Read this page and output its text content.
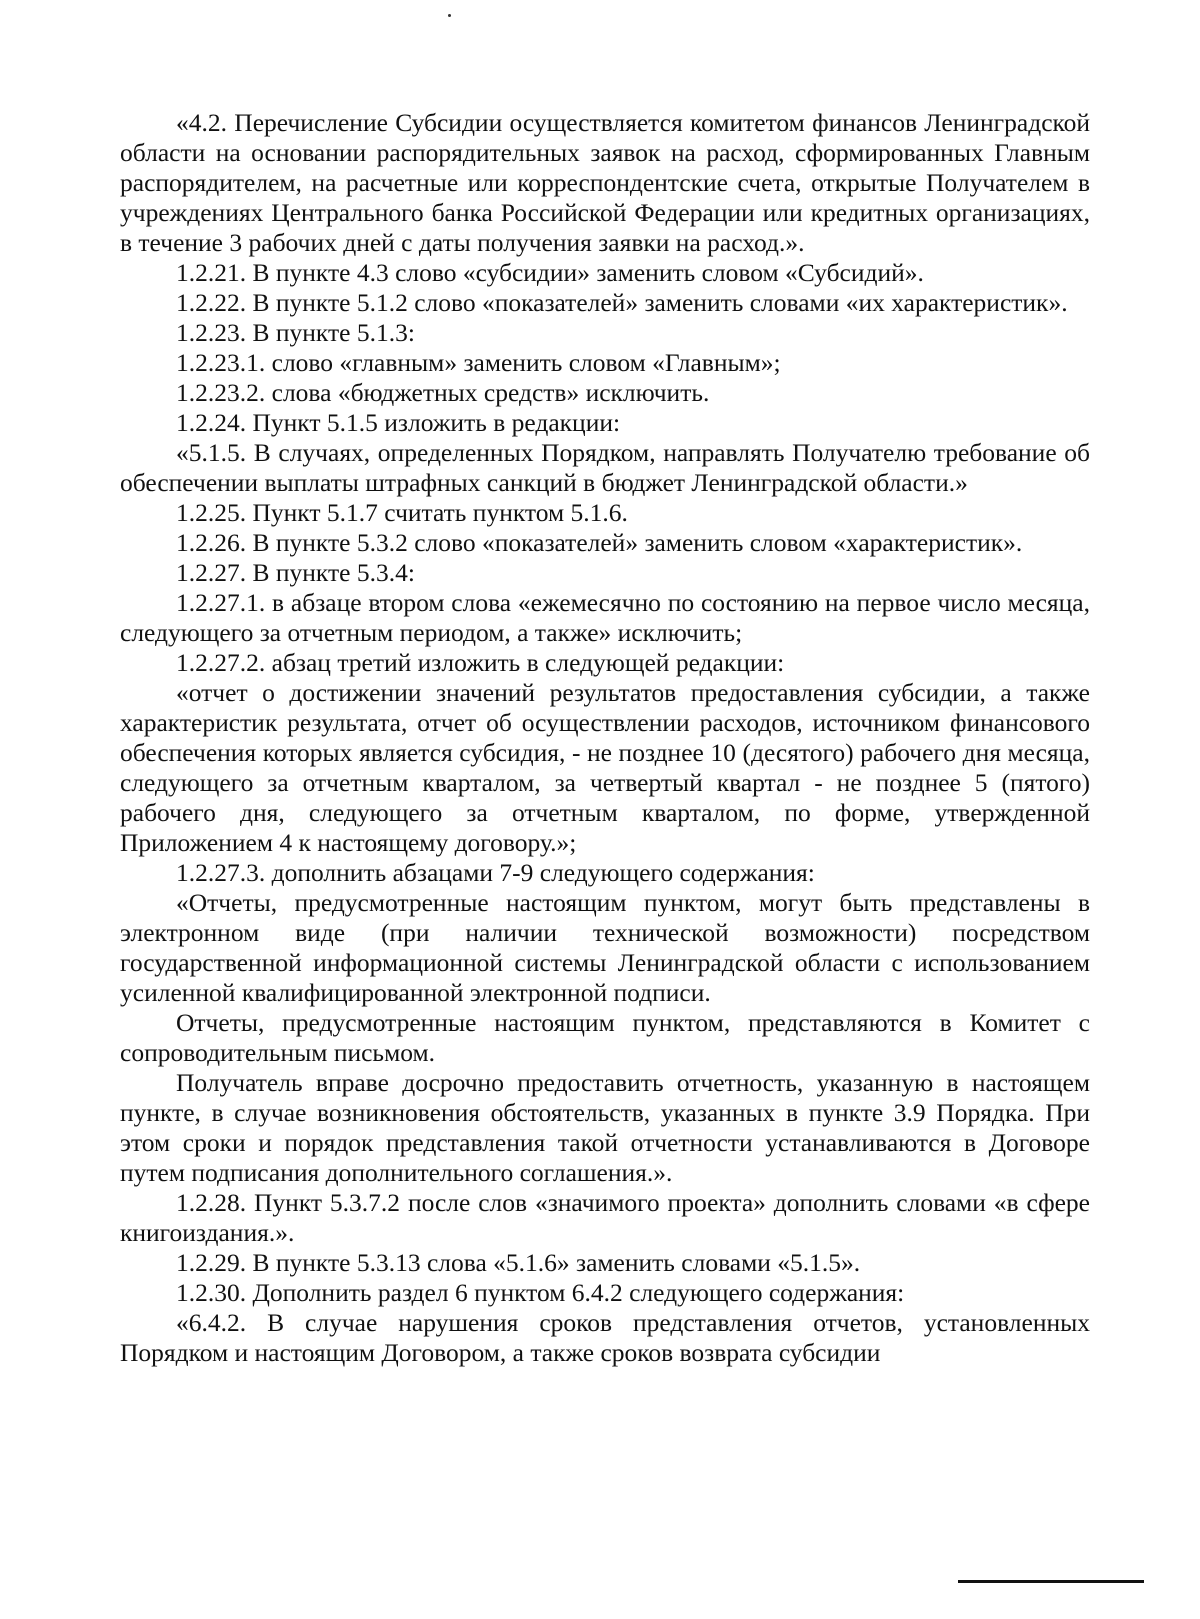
«4.2. Перечисление Субсидии осуществляется комитетом финансов Ленинградской области на основании распорядительных заявок на расход, сформированных Главным распорядителем, на расчетные или корреспондентские счета, открытые Получателем в учреждениях Центрального банка Российской Федерации или кредитных организациях, в течение 3 рабочих дней с даты получения заявки на расход.».

1.2.21. В пункте 4.3 слово «субсидии» заменить словом «Субсидий».

1.2.22. В пункте 5.1.2 слово «показателей» заменить словами «их характеристик».

1.2.23. В пункте 5.1.3:

1.2.23.1. слово «главным» заменить словом «Главным»;

1.2.23.2. слова «бюджетных средств» исключить.

1.2.24. Пункт 5.1.5 изложить в редакции:

«5.1.5. В случаях, определенных Порядком, направлять Получателю требование об обеспечении выплаты штрафных санкций в бюджет Ленинградской области.»

1.2.25. Пункт 5.1.7 считать пунктом 5.1.6.

1.2.26. В пункте 5.3.2 слово «показателей» заменить словом «характеристик».

1.2.27. В пункте 5.3.4:

1.2.27.1. в абзаце втором слова «ежемесячно по состоянию на первое число месяца, следующего за отчетным периодом, а также» исключить;

1.2.27.2. абзац третий изложить в следующей редакции:

«отчет о достижении значений результатов предоставления субсидии, а также характеристик результата, отчет об осуществлении расходов, источником финансового обеспечения которых является субсидия, - не позднее 10 (десятого) рабочего дня месяца, следующего за отчетным кварталом, за четвертый квартал - не позднее 5 (пятого) рабочего дня, следующего за отчетным кварталом, по форме, утвержденной Приложением 4 к настоящему договору.»;

1.2.27.3. дополнить абзацами 7-9 следующего содержания:

«Отчеты, предусмотренные настоящим пунктом, могут быть представлены в электронном виде (при наличии технической возможности) посредством государственной информационной системы Ленинградской области с использованием усиленной квалифицированной электронной подписи.

Отчеты, предусмотренные настоящим пунктом, представляются в Комитет с сопроводительным письмом.

Получатель вправе досрочно предоставить отчетность, указанную в настоящем пункте, в случае возникновения обстоятельств, указанных в пункте 3.9 Порядка. При этом сроки и порядок представления такой отчетности устанавливаются в Договоре путем подписания дополнительного соглашения.».

1.2.28. Пункт 5.3.7.2 после слов «значимого проекта» дополнить словами «в сфере книгоиздания.».

1.2.29. В пункте 5.3.13 слова «5.1.6» заменить словами «5.1.5».

1.2.30. Дополнить раздел 6 пунктом 6.4.2 следующего содержания:

«6.4.2. В случае нарушения сроков представления отчетов, установленных Порядком и настоящим Договором, а также сроков возврата субсидии
